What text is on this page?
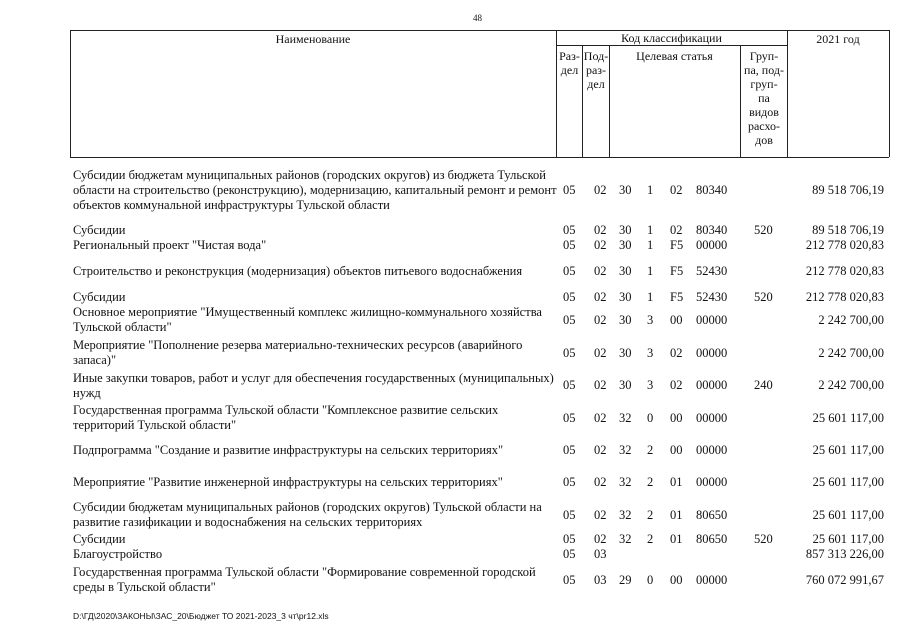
48
Наименование	Код классификации	2021 год
Раз-
дел
Под-
раз-
дел
Целевая статья	Груп-
па, под-
груп-
па
видов
расхо-
дов
Субсидии бюджетам муниципальных районов (городских округов) из бюджета Тульской области на строительство (реконструкцию), модернизацию, капитальный ремонт и ремонт объектов коммунальной инфраструктуры Тульской области
05 02 30 1 02 80340	89 518 706,19
Субсидии	05 02 30 1 02 80340 520	89 518 706,19
Региональный проект "Чистая вода"	05 02 30 1 F5 00000	212 778 020,83
Строительство и реконструкция (модернизация) объектов питьевого водоснабжения	05 02 30 1 F5 52430	212 778 020,83
Субсидии	05 02 30 1 F5 52430 520	212 778 020,83
Основное мероприятие "Имущественный комплекс жилищно-коммунального хозяйства Тульской области"	05 02 30 3 00 00000	2 242 700,00
Мероприятие "Пополнение резерва материально-технических ресурсов (аварийного запаса)"	05 02 30 3 02 00000	2 242 700,00
Иные закупки товаров, работ и услуг для обеспечения государственных (муниципальных) нужд
05 02 30 3 02 00000 240	2 242 700,00
Государственная программа Тульской области "Комплексное развитие сельских территорий Тульской области"	05 02 32 0 00 00000	25 601 117,00
Подпрограмма "Создание и развитие инфраструктуры на сельских территориях"	05 02 32 2 00 00000	25 601 117,00
Мероприятие "Развитие инженерной инфраструктуры на сельских территориях"	05 02 32 2 01 00000	25 601 117,00
Субсидии бюджетам муниципальных районов (городских округов) Тульской области на развитие газификации и водоснабжения на сельских территориях	05 02 32 2 01 80650	25 601 117,00
Субсидии	05 02 32 2 01 80650 520	25 601 117,00
Благоустройство	05 03	857 313 226,00
Государственная программа Тульской области "Формирование современной городской среды в Тульской области"	05 03 29 0 00 00000	760 072 991,67
D:\ГД\2020\ЗАКОНЫ\ЗАС_20\Бюджет ТО 2021-2023_3 чт\pr12.xls
